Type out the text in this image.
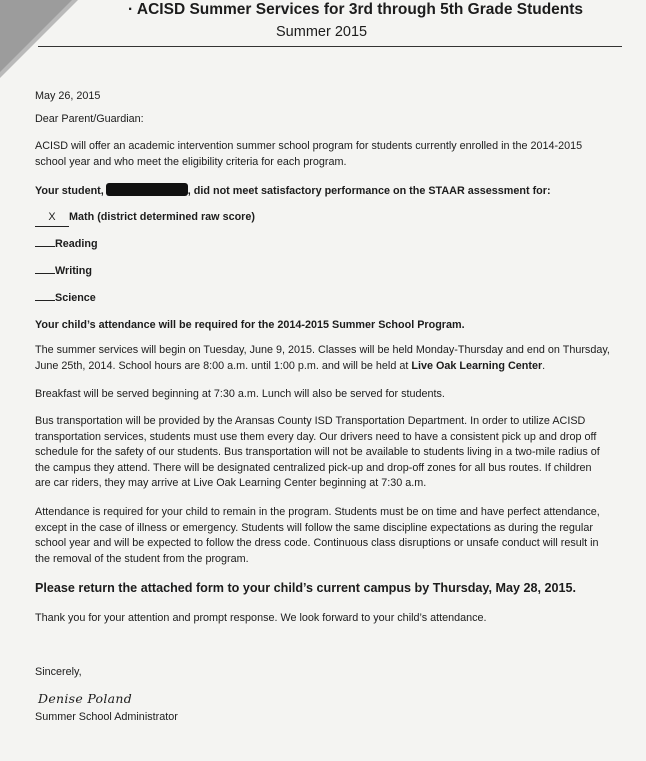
· ACISD Summer Services for 3rd through 5th Grade Students
Summer 2015
May 26, 2015
Dear Parent/Guardian:
ACISD will offer an academic intervention summer school program for students currently enrolled in the 2014-2015
school year and who meet the eligibility criteria for each program.
Your student,	, did not meet satisfactory performance on the STAAR assessment for:
X Math (district determined raw score)
Reading
Writing
Science
Your child’s attendance will be required for the 2014-2015 Summer School Program.
The summer services will begin on Tuesday, June 9, 2015. Classes will be held Monday-Thursday and end on Thursday,
June 25th, 2014. School hours are 8:00 a.m. until 1:00 p.m. and will be held at Live Oak Learning Center.
Breakfast will be served beginning at 7:30 a.m. Lunch will also be served for students.
Bus transportation will be provided by the Aransas County ISD Transportation Department. In order to utilize ACISD
transportation services, students must use them every day. Our drivers need to have a consistent pick up and drop off
schedule for the safety of our students. Bus transportation will not be available to students living in a two-mile radius of
the campus they attend. There will be designated centralized pick-up and drop-off zones for all bus routes. If children
are car riders, they may arrive at Live Oak Learning Center beginning at 7:30 a.m.
Attendance is required for your child to remain in the program. Students must be on time and have perfect attendance,
except in the case of illness or emergency. Students will follow the same discipline expectations as during the regular
school year and will be expected to follow the dress code. Continuous class disruptions or unsafe conduct will result in
the removal of the student from the program.
Please return the attached form to your child’s current campus by Thursday, May 28, 2015.
Thank you for your attention and prompt response. We look forward to your child’s attendance.
Sincerely,
Denise Poland
Summer School Administrator
